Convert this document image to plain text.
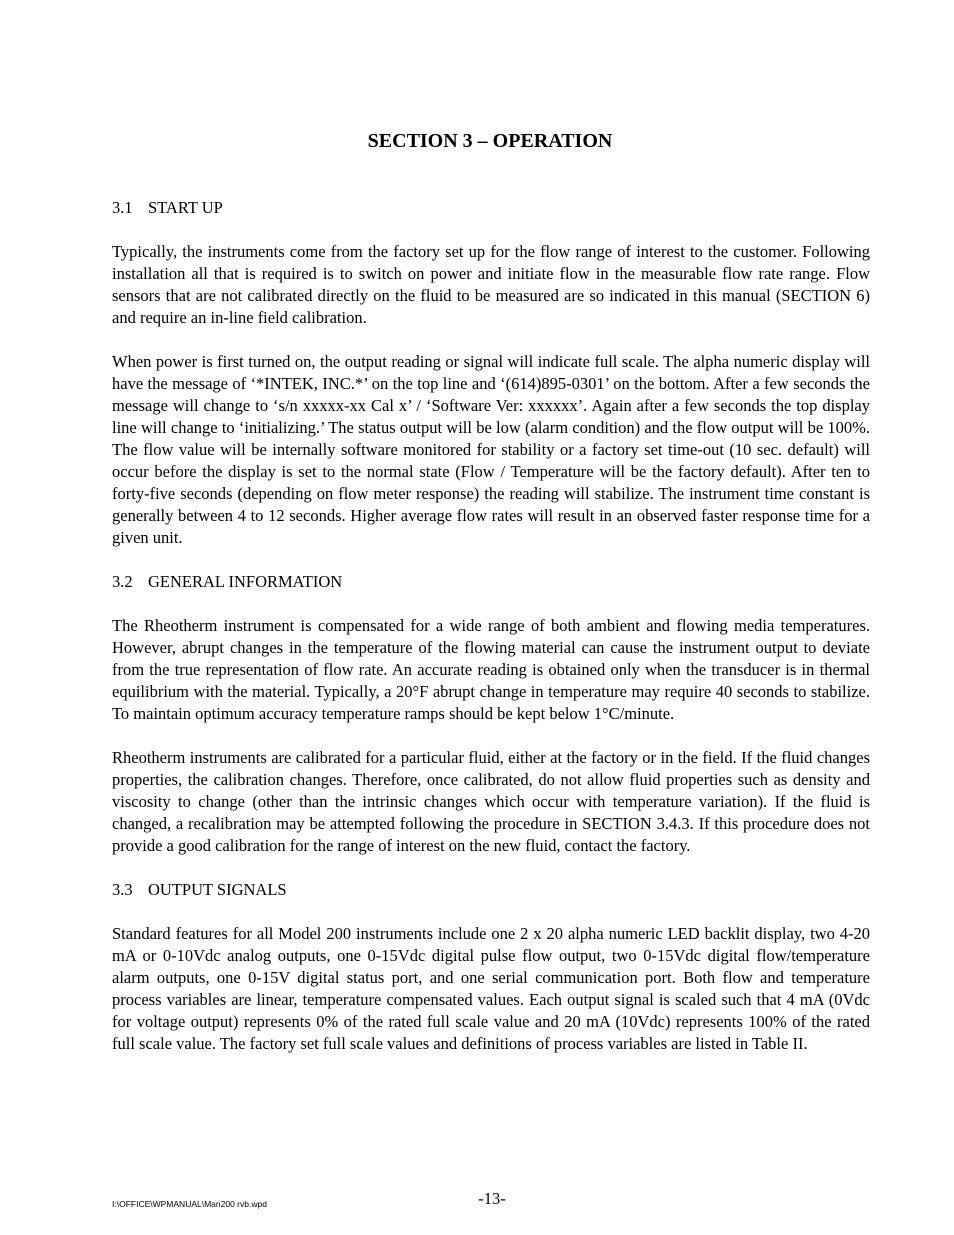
SECTION 3 – OPERATION
3.1 START UP

Typically, the instruments come from the factory set up for the flow range of interest to the customer. Following installation all that is required is to switch on power and initiate flow in the measurable flow rate range. Flow sensors that are not calibrated directly on the fluid to be measured are so indicated in this manual (SECTION 6) and require an in-line field calibration.

When power is first turned on, the output reading or signal will indicate full scale. The alpha numeric display will have the message of ‘*INTEK, INC.*’ on the top line and ‘(614)895-0301’ on the bottom. After a few seconds the message will change to ‘s/n xxxxx-xx Cal x’ / ‘Software Ver: xxxxxx’. Again after a few seconds the top display line will change to ‘initializing.’ The status output will be low (alarm condition) and the flow output will be 100%. The flow value will be internally software monitored for stability or a factory set time-out (10 sec. default) will occur before the display is set to the normal state (Flow / Temperature will be the factory default). After ten to forty-five seconds (depending on flow meter response) the reading will stabilize. The instrument time constant is generally between 4 to 12 seconds. Higher average flow rates will result in an observed faster response time for a given unit.

3.2 GENERAL INFORMATION

The Rheotherm instrument is compensated for a wide range of both ambient and flowing media temperatures. However, abrupt changes in the temperature of the flowing material can cause the instrument output to deviate from the true representation of flow rate. An accurate reading is obtained only when the transducer is in thermal equilibrium with the material. Typically, a 20°F abrupt change in temperature may require 40 seconds to stabilize. To maintain optimum accuracy temperature ramps should be kept below 1°C/minute.

Rheotherm instruments are calibrated for a particular fluid, either at the factory or in the field. If the fluid changes properties, the calibration changes. Therefore, once calibrated, do not allow fluid properties such as density and viscosity to change (other than the intrinsic changes which occur with temperature variation). If the fluid is changed, a recalibration may be attempted following the procedure in SECTION 3.4.3. If this procedure does not provide a good calibration for the range of interest on the new fluid, contact the factory.

3.3 OUTPUT SIGNALS

Standard features for all Model 200 instruments include one 2 x 20 alpha numeric LED backlit display, two 4-20 mA or 0-10Vdc analog outputs, one 0-15Vdc digital pulse flow output, two 0-15Vdc digital flow/temperature alarm outputs, one 0-15V digital status port, and one serial communication port. Both flow and temperature process variables are linear, temperature compensated values. Each output signal is scaled such that 4 mA (0Vdc for voltage output) represents 0% of the rated full scale value and 20 mA (10Vdc) represents 100% of the rated full scale value. The factory set full scale values and definitions of process variables are listed in Table II.

I:\OFFICE\WPMANUAL\Man200 rvb.wpd	-13-
